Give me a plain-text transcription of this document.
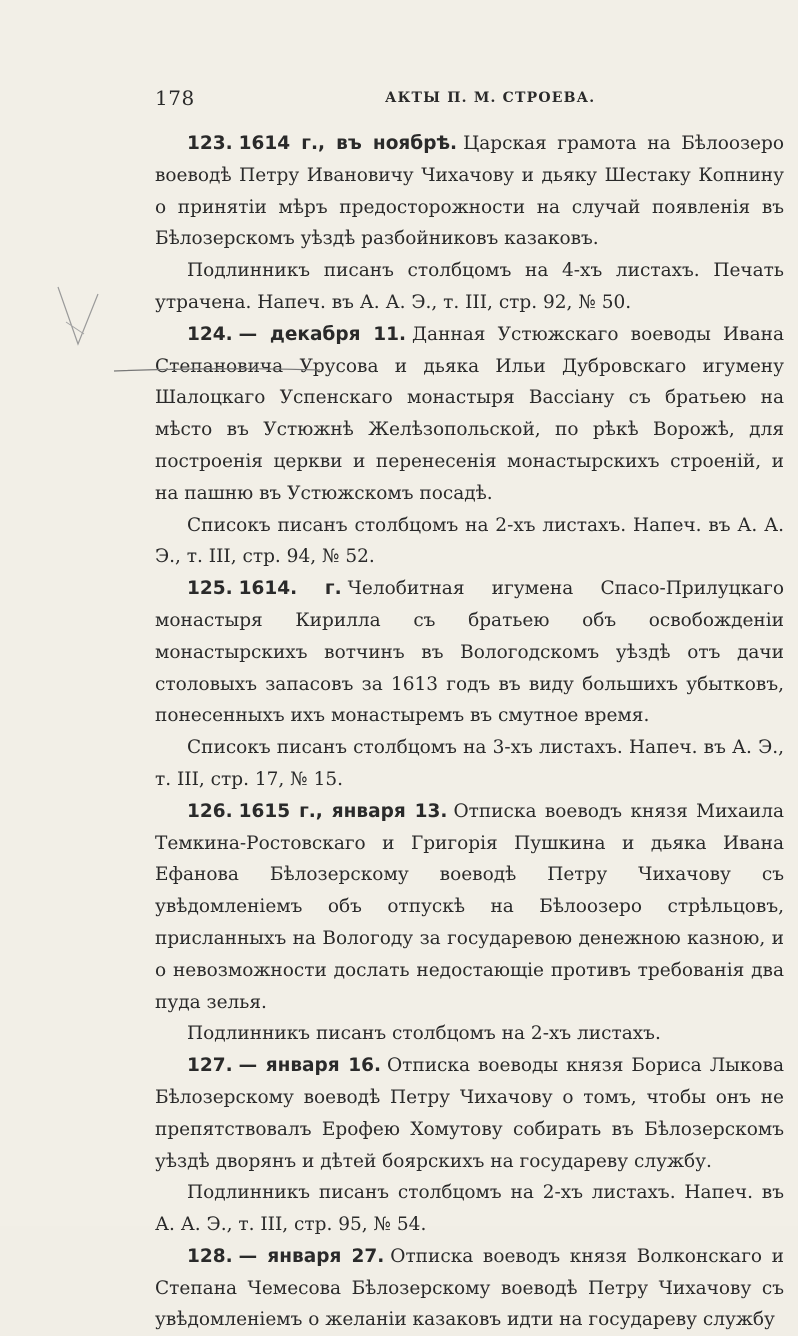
178	АКТЫ П. М. СТРОЕВА.

123. 1614 г., въ ноябрѣ. Царская грамота на Бѣлоозеро воеводѣ Петру Ивановичу Чихачову и дьяку Шестаку Копнину о принятіи мѣръ предосторожности на случай появленія въ Бѣлозерскомъ уѣздѣ разбойниковъ казаковъ.

Подлинникъ писанъ столбцомъ на 4-хъ листахъ. Печать утрачена. Напеч. въ А. А. Э., т. III, стр. 92, № 50.

124. — декабря 11. Данная Устюжскаго воеводы Ивана Степановича Урусова и дьяка Ильи Дубровскаго игумену Шалоцкаго Успенскаго монастыря Вассіану съ братьею на мѣсто въ Устюжнѣ Желѣзопольской, по рѣкѣ Ворожѣ, для построенія церкви и перенесенія монастырскихъ строеній, и на пашню въ Устюжскомъ посадѣ.

Списокъ писанъ столбцомъ на 2-хъ листахъ. Напеч. въ А. А. Э., т. III, стр. 94, № 52.

125. 1614. г. Челобитная игумена Спасо-Прилуцкаго монастыря Кирилла съ братьею объ освобожденіи монастырскихъ вотчинъ въ Вологодскомъ уѣздѣ отъ дачи столовыхъ запасовъ за 1613 годъ въ виду большихъ убытковъ, понесенныхъ ихъ монастыремъ въ смутное время.

Списокъ писанъ столбцомъ на 3-хъ листахъ. Напеч. въ А. Э., т. III, стр. 17, № 15.

126. 1615 г., января 13. Отписка воеводъ князя Михаила Темкина-Ростовскаго и Григорія Пушкина и дьяка Ивана Ефанова Бѣлозерскому воеводѣ Петру Чихачову съ увѣдомленіемъ объ отпускѣ на Бѣлоозеро стрѣльцовъ, присланныхъ на Вологоду за государевою денежною казною, и о невозможности дослать недостающіе противъ требованія два пуда зелья.

Подлинникъ писанъ столбцомъ на 2-хъ листахъ.

127. — января 16. Отписка воеводы князя Бориса Лыкова Бѣлозерскому воеводѣ Петру Чихачову о томъ, чтобы онъ не препятствовалъ Ерофею Хомутову собирать въ Бѣлозерскомъ уѣздѣ дворянъ и дѣтей боярскихъ на государеву службу.

Подлинникъ писанъ столбцомъ на 2-хъ листахъ. Напеч. въ А. А. Э., т. III, стр. 95, № 54.

128. — января 27. Отписка воеводъ князя Волконскаго и Степана Чемесова Бѣлозерскому воеводѣ Петру Чихачову съ увѣдомленіемъ о желаніи казаковъ идти на государеву службу
